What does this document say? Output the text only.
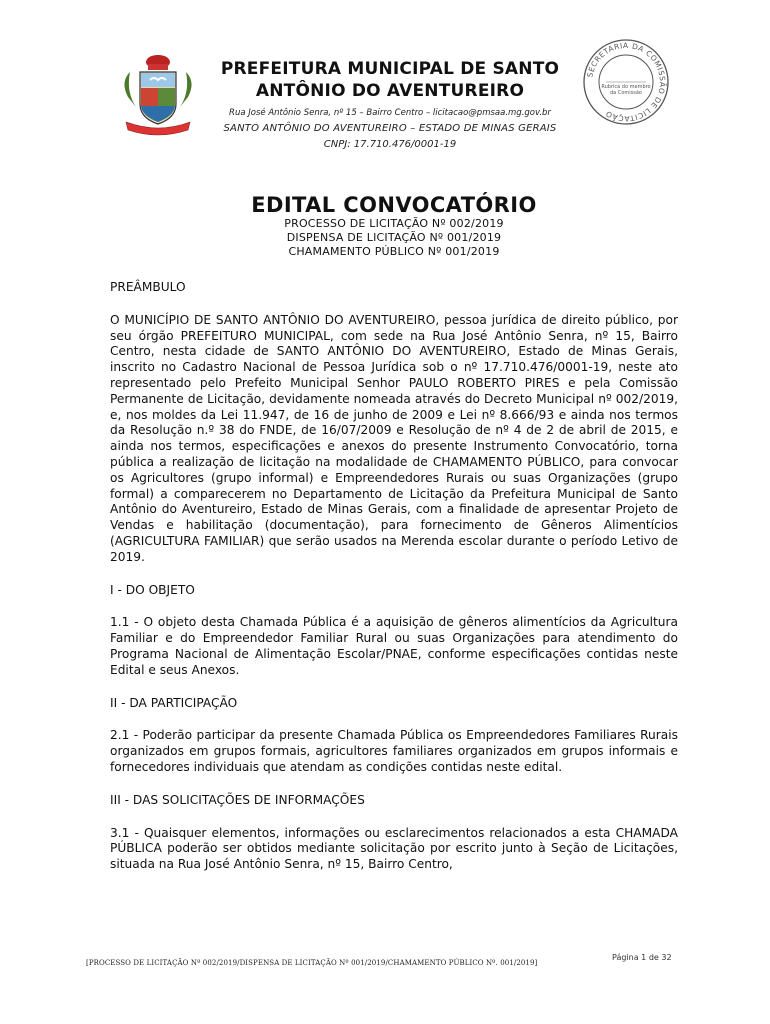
PREFEITURA MUNICIPAL DE SANTO
ANTÔNIO DO AVENTUREIRO
Rua José Antônio Senra, nº 15 – Bairro Centro – licitacao@pmsaa.mg.gov.br
SANTO ANTÔNIO DO AVENTUREIRO – ESTADO DE MINAS GERAIS
CNPJ: 17.710.476/0001-19
SECRETARIA DA COMISSÃO DE LICITAÇÃO
Rubrica do membro
da Comissão
EDITAL CONVOCATÓRIO
PROCESSO DE LICITAÇÃO Nº 002/2019
DISPENSA DE LICITAÇÃO Nº 001/2019
CHAMAMENTO PÚBLICO Nº 001/2019

PREÂMBULO

O MUNICÍPIO DE SANTO ANTÔNIO DO AVENTUREIRO, pessoa jurídica de direito público, por seu órgão PREFEITURO MUNICIPAL, com sede na Rua José Antônio Senra, nº 15, Bairro Centro, nesta cidade de SANTO ANTÔNIO DO AVENTUREIRO, Estado de Minas Gerais, inscrito no Cadastro Nacional de Pessoa Jurídica sob o nº 17.710.476/0001-19, neste ato representado pelo Prefeito Municipal Senhor PAULO ROBERTO PIRES e pela Comissão Permanente de Licitação, devidamente nomeada através do Decreto Municipal nº 002/2019, e, nos moldes da Lei 11.947, de 16 de junho de 2009 e Lei nº 8.666/93 e ainda nos termos da Resolução n.º 38 do FNDE, de 16/07/2009 e Resolução de nº 4 de 2 de abril de 2015, e ainda nos termos, especificações e anexos do presente Instrumento Convocatório, torna pública a realização de licitação na modalidade de CHAMAMENTO PÚBLICO, para convocar os Agricultores (grupo informal) e Empreendedores Rurais ou suas Organizações (grupo formal) a comparecerem no Departamento de Licitação da Prefeitura Municipal de Santo Antônio do Aventureiro, Estado de Minas Gerais, com a finalidade de apresentar Projeto de Vendas e habilitação (documentação), para fornecimento de Gêneros Alimentícios (AGRICULTURA FAMILIAR) que serão usados na Merenda escolar durante o período Letivo de 2019.

I - DO OBJETO

1.1 - O objeto desta Chamada Pública é a aquisição de gêneros alimentícios da Agricultura Familiar e do Empreendedor Familiar Rural ou suas Organizações para atendimento do Programa Nacional de Alimentação Escolar/PNAE, conforme especificações contidas neste Edital e seus Anexos.

II - DA PARTICIPAÇÃO

2.1 - Poderão participar da presente Chamada Pública os Empreendedores Familiares Rurais organizados em grupos formais, agricultores familiares organizados em grupos informais e fornecedores individuais que atendam as condições contidas neste edital.

III - DAS SOLICITAÇÕES DE INFORMAÇÕES

3.1 - Quaisquer elementos, informações ou esclarecimentos relacionados a esta CHAMADA PÚBLICA poderão ser obtidos mediante solicitação por escrito junto à Seção de Licitações, situada na Rua José Antônio Senra, nº 15, Bairro Centro,

Página 1 de 32
[PROCESSO DE LICITAÇÃO Nº 002/2019/DISPENSA DE LICITAÇÃO Nº 001/2019/CHAMAMENTO PÚBLICO Nº. 001/2019]
